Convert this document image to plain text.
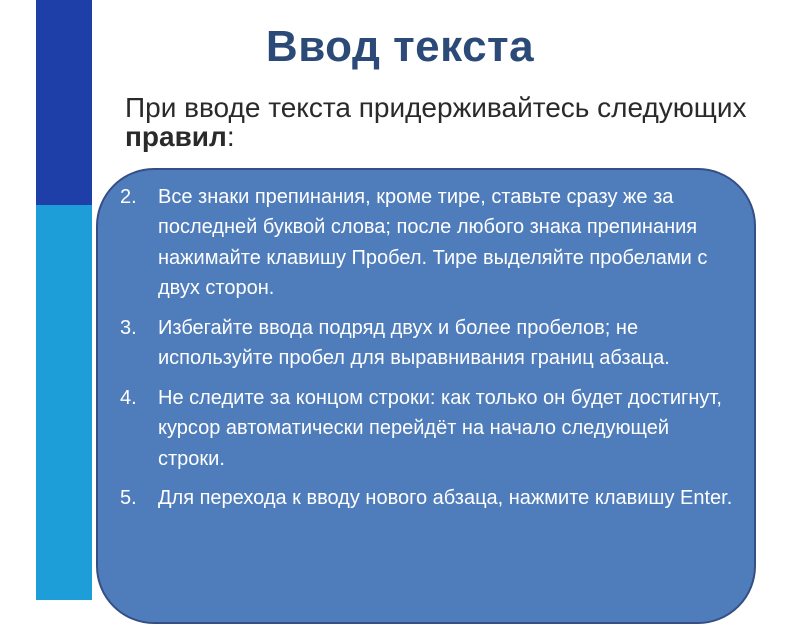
Ввод текста

При вводе текста придерживайтесь следующих правил:

1. Там, где это нужно, используйте прописные буквы.
2. Все знаки препинания, кроме тире, ставьте сразу же за последней буквой слова; после любого знака препинания нажимайте клавишу Пробел. Тире выделяйте пробелами с двух сторон.
3. Избегайте ввода подряд двух и более пробелов; не используйте пробел для выравнивания границ абзаца.
4. Не следите за концом строки: как только он будет достигнут, курсор автоматически перейдёт на начало следующей строки.
5. Для перехода к вводу нового абзаца, нажмите клавишу Enter.
